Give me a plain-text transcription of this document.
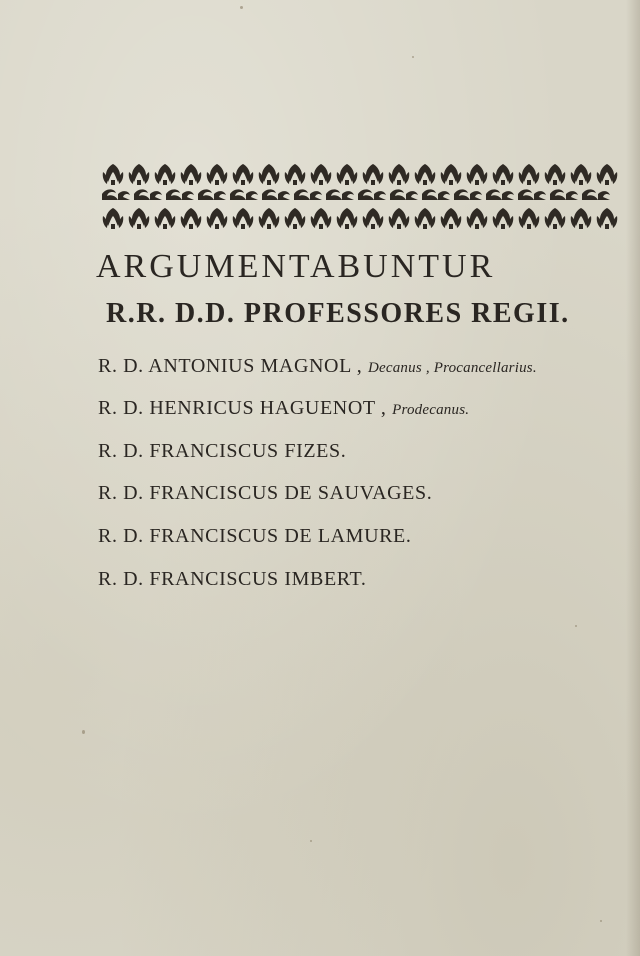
ARGUMENTABUNTUR
R.R. D.D. PROFESSORES REGII.
R. D. ANTONIUS MAGNOL , Decanus , Procancellarius.
R. D. HENRICUS HAGUENOT , Prodecanus.
R. D. FRANCISCUS FIZES.
R. D. FRANCISCUS DE SAUVAGES.
R. D. FRANCISCUS DE LAMURE.
R. D. FRANCISCUS IMBERT.
